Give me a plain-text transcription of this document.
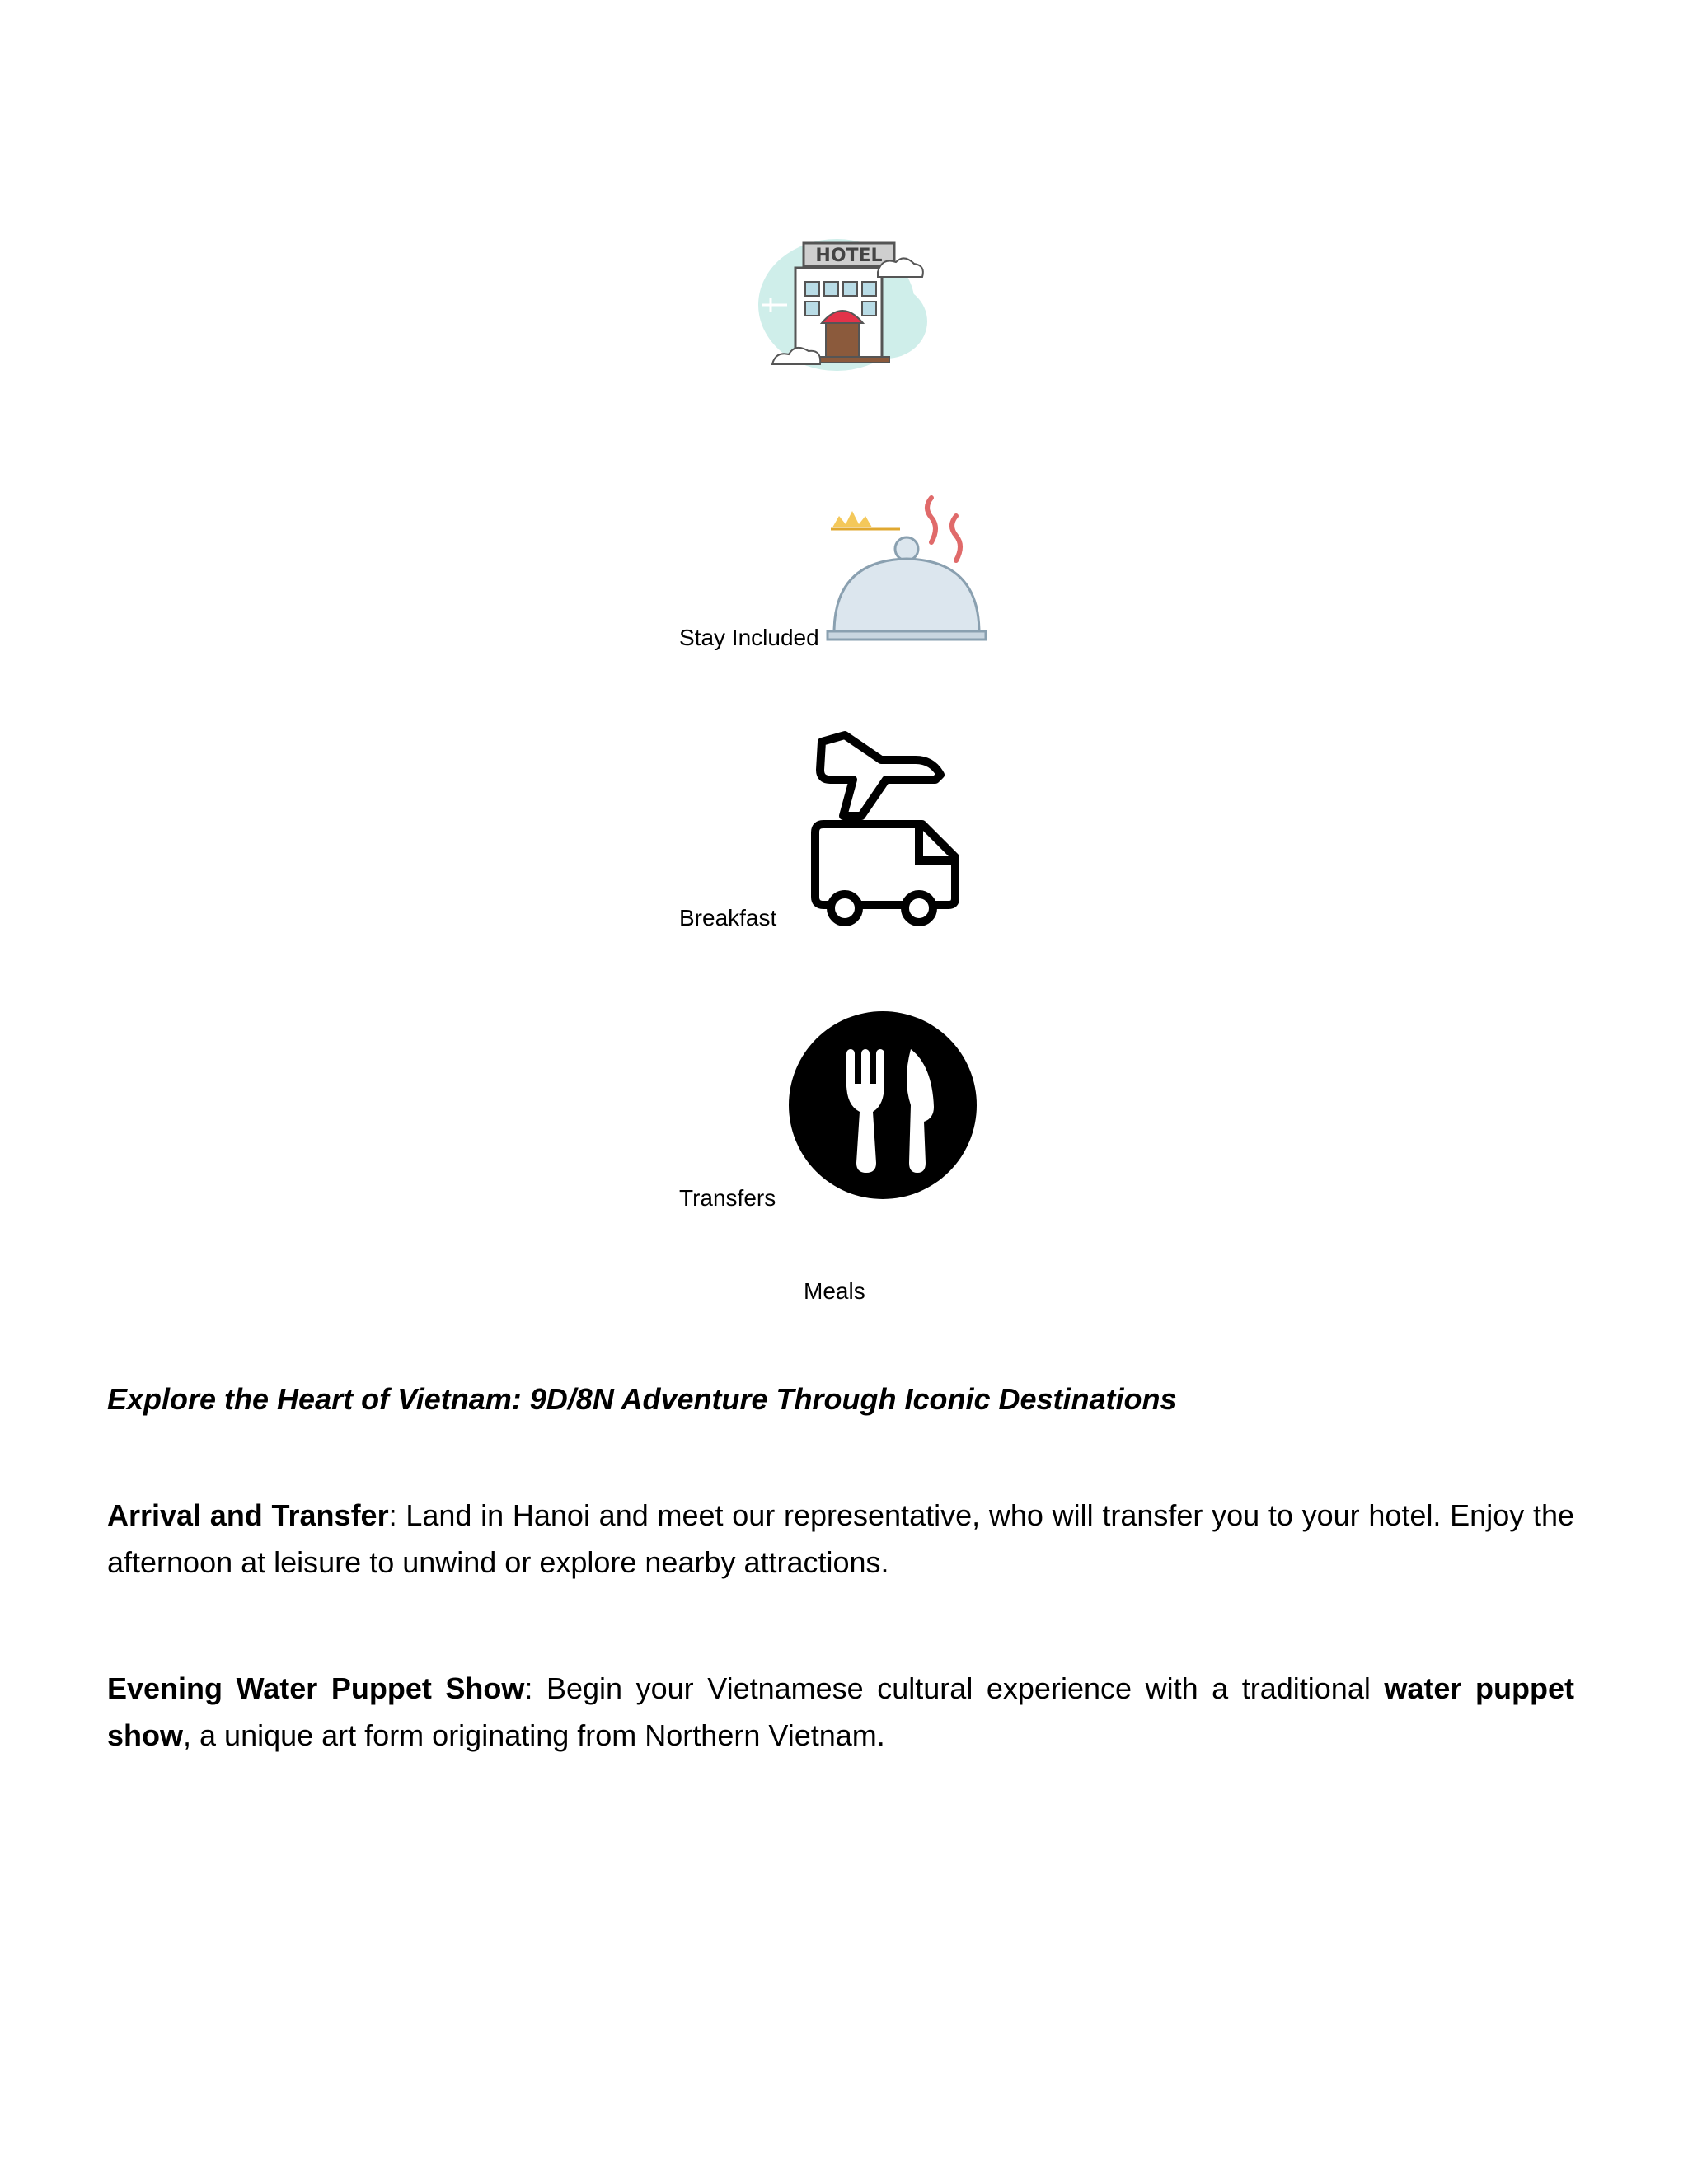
HOTEL
Stay Included
Breakfast
Transfers
Meals
Explore the Heart of Vietnam: 9D/8N Adventure Through Iconic Destinations

Arrival and Transfer: Land in Hanoi and meet our representative, who will transfer you to your hotel. Enjoy the afternoon at leisure to unwind or explore nearby attractions.

Evening Water Puppet Show: Begin your Vietnamese cultural experience with a traditional water puppet show, a unique art form originating from Northern Vietnam.
